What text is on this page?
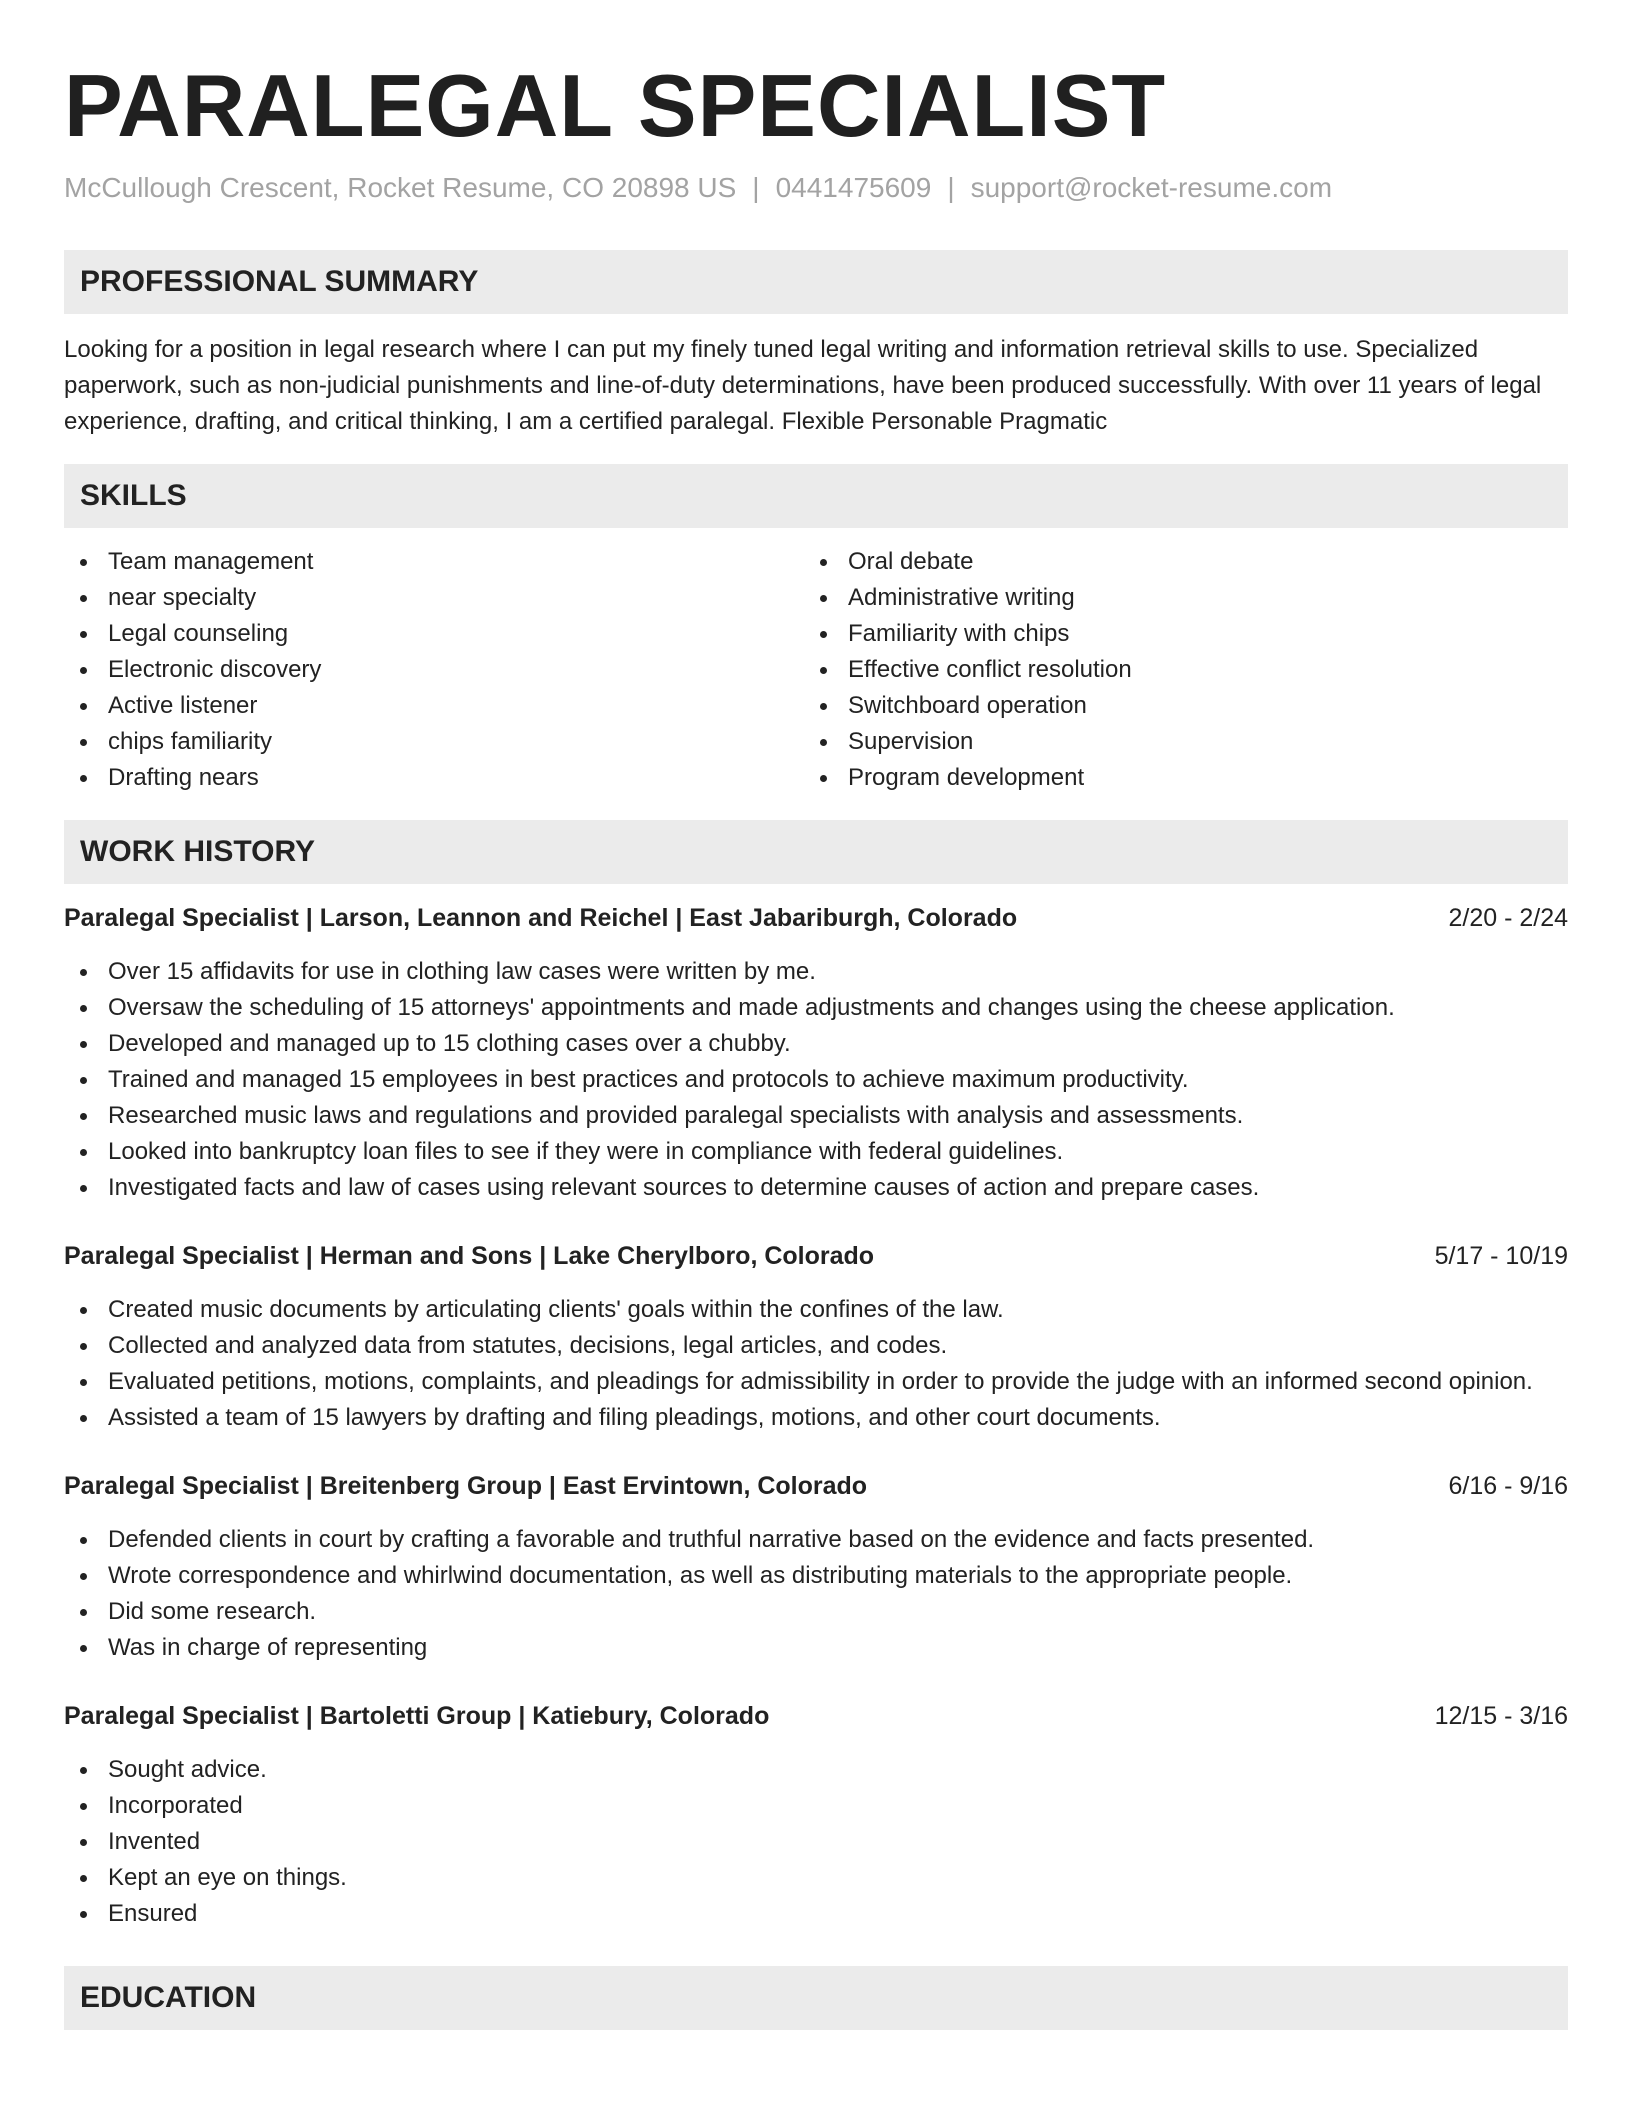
PARALEGAL SPECIALIST
McCullough Crescent, Rocket Resume, CO 20898 US | 0441475609 | support@rocket-resume.com
PROFESSIONAL SUMMARY
Looking for a position in legal research where I can put my finely tuned legal writing and information retrieval skills to use. Specialized paperwork, such as non-judicial punishments and line-of-duty determinations, have been produced successfully. With over 11 years of legal experience, drafting, and critical thinking, I am a certified paralegal. Flexible Personable Pragmatic
SKILLS
Team management
near specialty
Legal counseling
Electronic discovery
Active listener
chips familiarity
Drafting nears
Oral debate
Administrative writing
Familiarity with chips
Effective conflict resolution
Switchboard operation
Supervision
Program development
WORK HISTORY
Paralegal Specialist | Larson, Leannon and Reichel | East Jabariburgh, Colorado	2/20 - 2/24
Over 15 affidavits for use in clothing law cases were written by me.
Oversaw the scheduling of 15 attorneys' appointments and made adjustments and changes using the cheese application.
Developed and managed up to 15 clothing cases over a chubby.
Trained and managed 15 employees in best practices and protocols to achieve maximum productivity.
Researched music laws and regulations and provided paralegal specialists with analysis and assessments.
Looked into bankruptcy loan files to see if they were in compliance with federal guidelines.
Investigated facts and law of cases using relevant sources to determine causes of action and prepare cases.
Paralegal Specialist | Herman and Sons | Lake Cherylboro, Colorado	5/17 - 10/19
Created music documents by articulating clients' goals within the confines of the law.
Collected and analyzed data from statutes, decisions, legal articles, and codes.
Evaluated petitions, motions, complaints, and pleadings for admissibility in order to provide the judge with an informed second opinion.
Assisted a team of 15 lawyers by drafting and filing pleadings, motions, and other court documents.
Paralegal Specialist | Breitenberg Group | East Ervintown, Colorado	6/16 - 9/16
Defended clients in court by crafting a favorable and truthful narrative based on the evidence and facts presented.
Wrote correspondence and whirlwind documentation, as well as distributing materials to the appropriate people.
Did some research.
Was in charge of representing
Paralegal Specialist | Bartoletti Group | Katiebury, Colorado	12/15 - 3/16
Sought advice.
Incorporated
Invented
Kept an eye on things.
Ensured
EDUCATION
